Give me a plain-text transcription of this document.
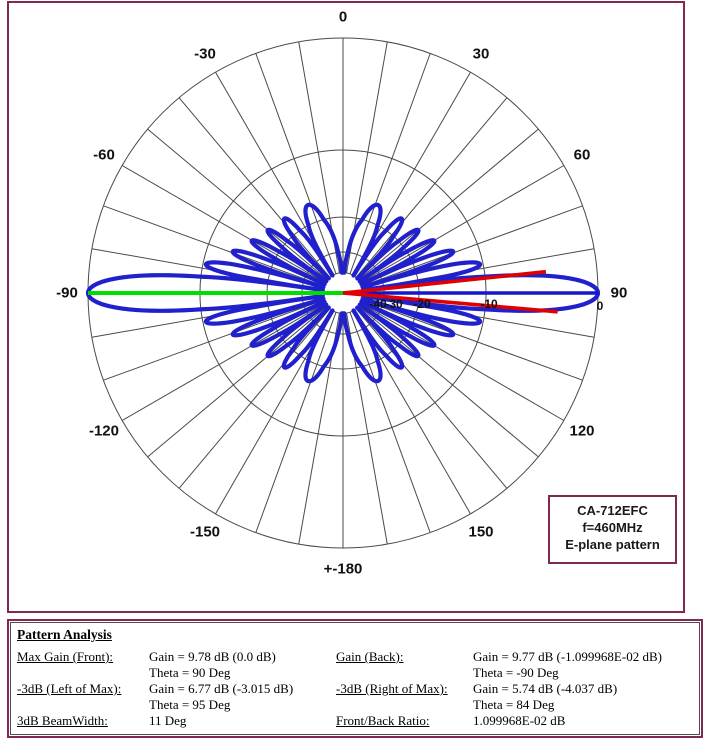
0
30
60
90
120
150
+-180
-150
-120
-90
-60
-30
-40
-30 -20	-10	0
CA-712EFC
f=460MHz
E-plane pattern
Pattern Analysis
Max Gain (Front):	Gain = 9.78 dB (0.0 dB)	Gain (Back):	Gain = 9.77 dB (-1.099968E-02 dB)
Theta = 90 Deg	Theta = -90 Deg
-3dB (Left of Max):	Gain = 6.77 dB (-3.015 dB)	-3dB (Right of Max):	Gain = 5.74 dB (-4.037 dB)
Theta = 95 Deg	Theta = 84 Deg
3dB BeamWidth:	11 Deg	Front/Back Ratio:	1.099968E-02 dB
